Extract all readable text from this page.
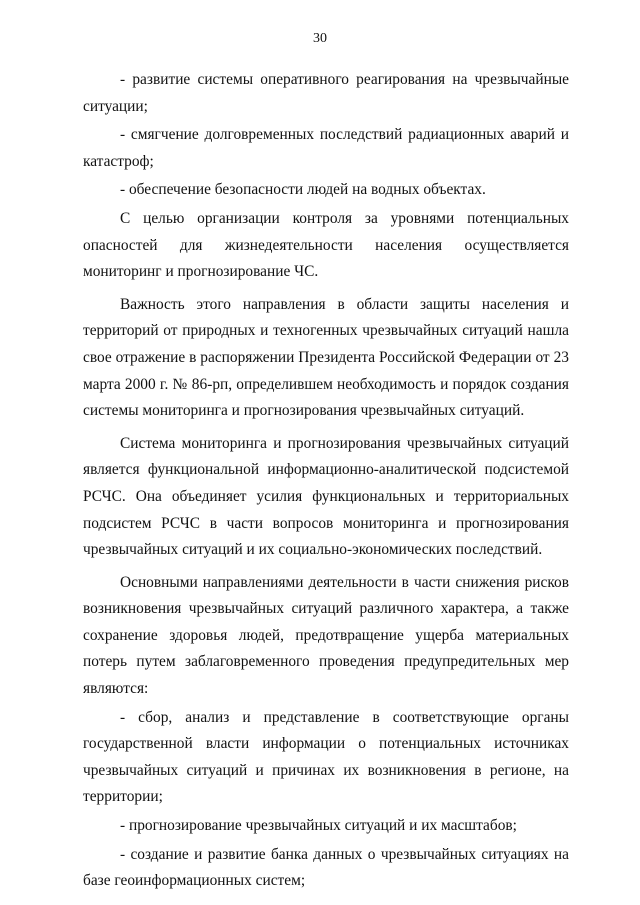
30

- развитие системы оперативного реагирования на чрезвычайные ситуации;

- смягчение долговременных последствий радиационных аварий и катастроф;

- обеспечение безопасности людей на водных объектах.

С целью организации контроля за уровнями потенциальных опасностей для жизнедеятельности населения осуществляется мониторинг и прогнозирование ЧС.

Важность этого направления в области защиты населения и территорий от природных и техногенных чрезвычайных ситуаций нашла свое отражение в распоряжении Президента Российской Федерации от 23 марта 2000 г. № 86-рп, определившем необходимость и порядок создания системы мониторинга и прогнозирования чрезвычайных ситуаций.

Система мониторинга и прогнозирования чрезвычайных ситуаций является функциональной информационно-аналитической подсистемой РСЧС. Она объединяет усилия функциональных и территориальных подсистем РСЧС в части вопросов мониторинга и прогнозирования чрезвычайных ситуаций и их социально-экономических последствий.

Основными направлениями деятельности в части снижения рисков возникновения чрезвычайных ситуаций различного характера, а также сохранение здоровья людей, предотвращение ущерба материальных потерь путем заблаговременного проведения предупредительных мер являются:

- сбор, анализ и представление в соответствующие органы государственной власти информации о потенциальных источниках чрезвычайных ситуаций и причинах их возникновения в регионе, на территории;

- прогнозирование чрезвычайных ситуаций и их масштабов;

- создание и развитие банка данных о чрезвычайных ситуациях на базе геоинформационных систем;
